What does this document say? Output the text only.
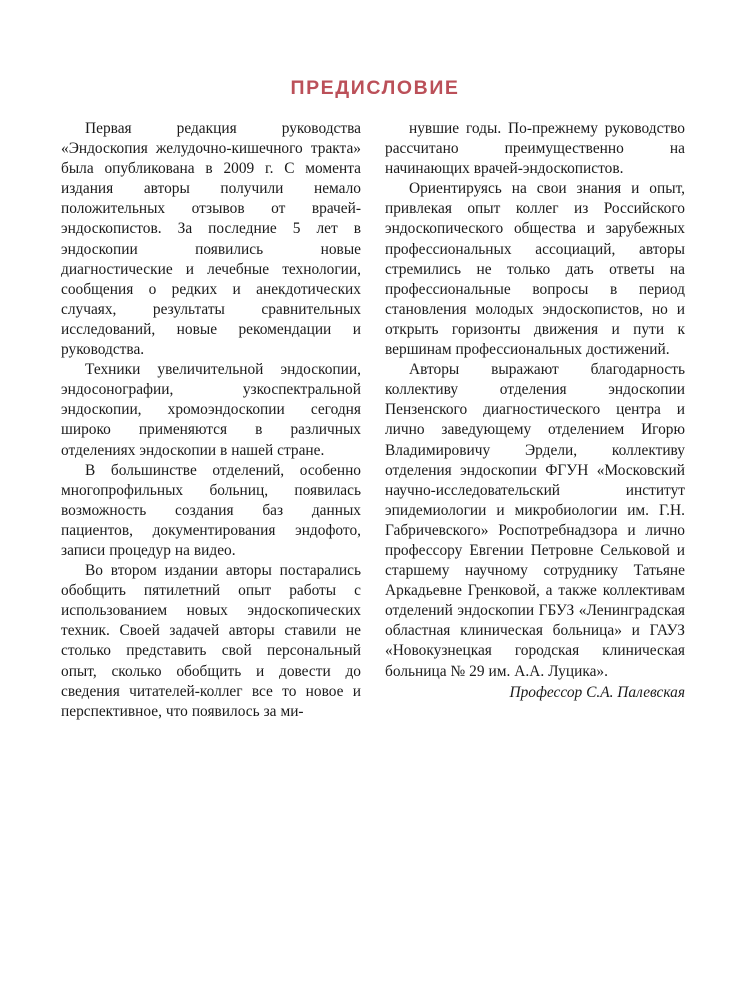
ПРЕДИСЛОВИЕ

Первая редакция руководства «Эндоскопия желудочно-кишечного тракта» была опубликована в 2009 г. С момента издания авторы получили немало положительных отзывов от врачей-эндоскопистов. За последние 5 лет в эндоскопии появились новые диагностические и лечебные технологии, сообщения о редких и анекдотических случаях, результаты сравнительных исследований, новые рекомендации и руководства.

Техники увеличительной эндоскопии, эндосонографии, узкоспектральной эндоскопии, хромоэндоскопии сегодня широко применяются в различных отделениях эндоскопии в нашей стране.

В большинстве отделений, особенно многопрофильных больниц, появилась возможность создания баз данных пациентов, документирования эндофото, записи процедур на видео.

Во втором издании авторы постарались обобщить пятилетний опыт работы с использованием новых эндоскопических техник. Своей задачей авторы ставили не столько представить свой персональный опыт, сколько обобщить и довести до сведения читателей-коллег все то новое и перспективное, что появилось за ми-

нувшие годы. По-прежнему руководство рассчитано преимущественно на начинающих врачей-эндоскопистов.

Ориентируясь на свои знания и опыт, привлекая опыт коллег из Российского эндоскопического общества и зарубежных профессиональных ассоциаций, авторы стремились не только дать ответы на профессиональные вопросы в период становления молодых эндоскопистов, но и открыть горизонты движения и пути к вершинам профессиональных достижений.

Авторы выражают благодарность коллективу отделения эндоскопии Пензенского диагностического центра и лично заведующему отделением Игорю Владимировичу Эрдели, коллективу отделения эндоскопии ФГУН «Московский научно-исследовательский институт эпидемиологии и микробиологии им. Г.Н. Габричевского» Роспотребнадзора и лично профессору Евгении Петровне Сельковой и старшему научному сотруднику Татьяне Аркадьевне Гренковой, а также коллективам отделений эндоскопии ГБУЗ «Ленинградская областная клиническая больница» и ГАУЗ «Новокузнецкая городская клиническая больница № 29 им. А.А. Луцика».

Профессор С.А. Палевская
